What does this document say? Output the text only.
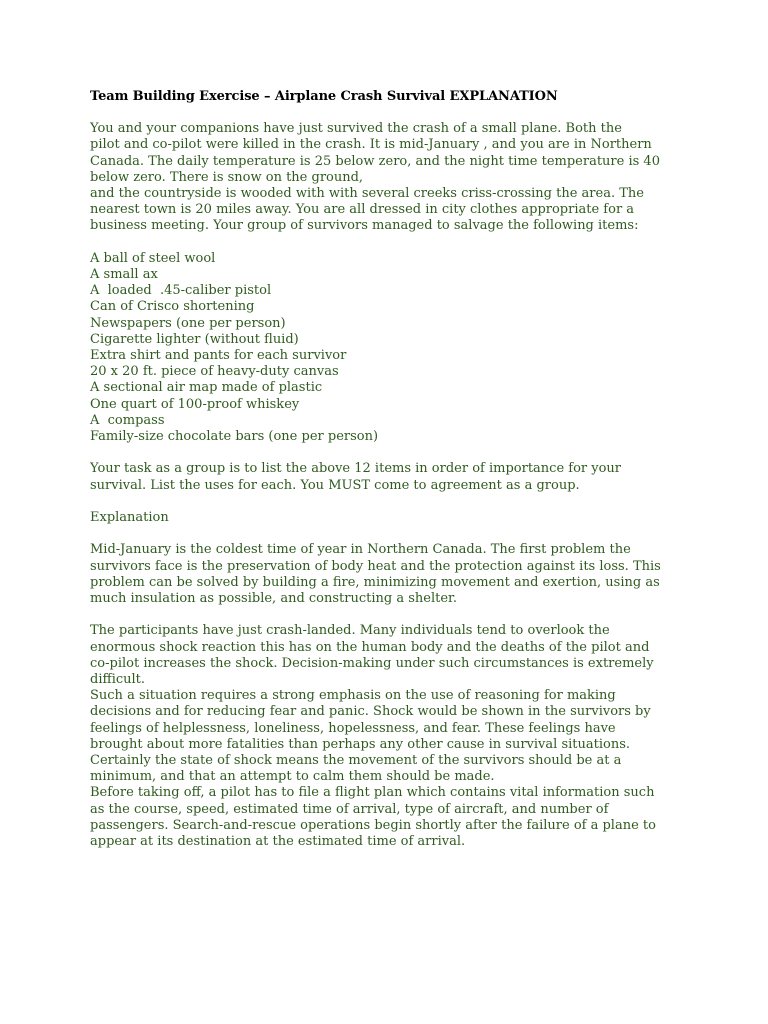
Team Building Exercise – Airplane Crash Survival EXPLANATION

You and your companions have just survived the crash of a small plane. Both the
pilot and co-pilot were killed in the crash. It is mid-January , and you are in Northern
Canada. The daily temperature is 25 below zero, and the night time temperature is 40
below zero. There is snow on the ground,
and the countryside is wooded with with several creeks criss-crossing the area. The
nearest town is 20 miles away. You are all dressed in city clothes appropriate for a
business meeting. Your group of survivors managed to salvage the following items:

A ball of steel wool
A small ax
A  loaded  .45-caliber pistol
Can of Crisco shortening
Newspapers (one per person)
Cigarette lighter (without fluid)
Extra shirt and pants for each survivor
20 x 20 ft. piece of heavy-duty canvas
A sectional air map made of plastic
One quart of 100-proof whiskey
A  compass
Family-size chocolate bars (one per person)

Your task as a group is to list the above 12 items in order of importance for your
survival. List the uses for each. You MUST come to agreement as a group.

Explanation

Mid-January is the coldest time of year in Northern Canada. The first problem the
survivors face is the preservation of body heat and the protection against its loss. This
problem can be solved by building a fire, minimizing movement and exertion, using as
much insulation as possible, and constructing a shelter.

The participants have just crash-landed. Many individuals tend to overlook the
enormous shock reaction this has on the human body and the deaths of the pilot and
co-pilot increases the shock. Decision-making under such circumstances is extremely
difficult.

Such a situation requires a strong emphasis on the use of reasoning for making
decisions and for reducing fear and panic. Shock would be shown in the survivors by
feelings of helplessness, loneliness, hopelessness, and fear. These feelings have
brought about more fatalities than perhaps any other cause in survival situations.
Certainly the state of shock means the movement of the survivors should be at a
minimum, and that an attempt to calm them should be made.

Before taking off, a pilot has to file a flight plan which contains vital information such
as the course, speed, estimated time of arrival, type of aircraft, and number of
passengers. Search-and-rescue operations begin shortly after the failure of a plane to
appear at its destination at the estimated time of arrival.
